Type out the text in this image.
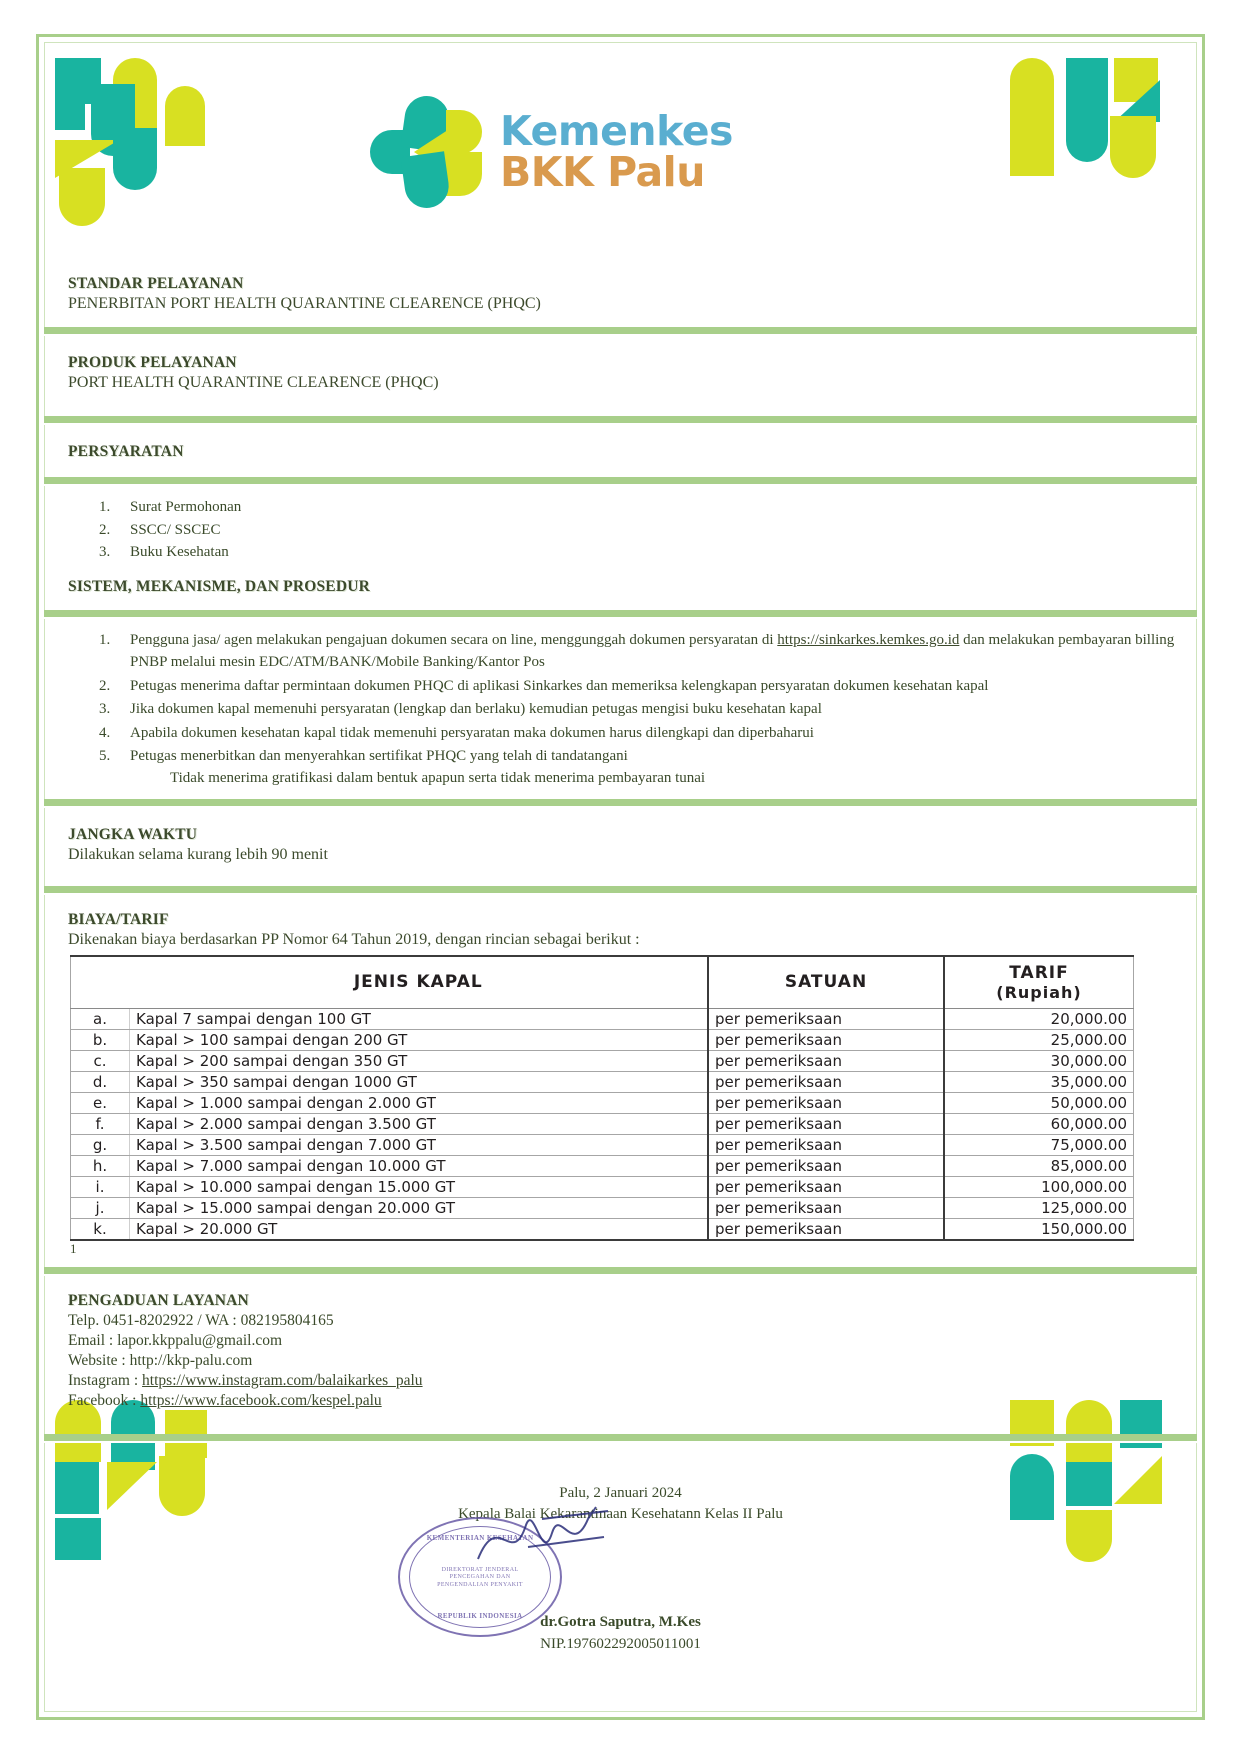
Kemenkes
BKK Palu
STANDAR PELAYANAN

PENERBITAN PORT HEALTH QUARANTINE CLEARENCE (PHQC)

PRODUK PELAYANAN

PORT HEALTH QUARANTINE CLEARENCE (PHQC)

PERSYARATAN
1. Surat Permohonan
2. SSCC/ SSCEC
3. Buku Kesehatan
SISTEM, MEKANISME, DAN PROSEDUR
1. Pengguna jasa/ agen melakukan pengajuan dokumen secara on line, menggunggah dokumen persyaratan di https://sinkarkes.kemkes.go.id dan melakukan pembayaran billing PNBP melalui mesin EDC/ATM/BANK/Mobile Banking/Kantor Pos
2. Petugas menerima daftar permintaan dokumen PHQC di aplikasi Sinkarkes dan memeriksa kelengkapan persyaratan dokumen kesehatan kapal
3. Jika dokumen kapal memenuhi persyaratan (lengkap dan berlaku) kemudian petugas mengisi buku kesehatan kapal
4. Apabila dokumen kesehatan kapal tidak memenuhi persyaratan maka dokumen harus dilengkapi dan diperbaharui
5. Petugas menerbitkan dan menyerahkan sertifikat PHQC yang telah di tandatangani
Tidak menerima gratifikasi dalam bentuk apapun serta tidak menerima pembayaran tunai
JANGKA WAKTU

Dilakukan selama kurang lebih 90 menit

BIAYA/TARIF

Dikenakan biaya berdasarkan PP Nomor 64 Tahun 2019, dengan rincian sebagai berikut :

	JENIS KAPAL	SATUAN	TARIF
(Rupiah)

a.	Kapal 7 sampai dengan 100 GT	per pemeriksaan	20,000.00
b.	Kapal > 100 sampai dengan 200 GT	per pemeriksaan	25,000.00
c.	Kapal > 200 sampai dengan 350 GT	per pemeriksaan	30,000.00
d.	Kapal > 350 sampai dengan 1000 GT	per pemeriksaan	35,000.00
e.	Kapal > 1.000 sampai dengan 2.000 GT	per pemeriksaan	50,000.00
f.	Kapal > 2.000 sampai dengan 3.500 GT	per pemeriksaan	60,000.00
g.	Kapal > 3.500 sampai dengan 7.000 GT	per pemeriksaan	75,000.00
h.	Kapal > 7.000 sampai dengan 10.000 GT	per pemeriksaan	85,000.00
i.	Kapal > 10.000 sampai dengan 15.000 GT	per pemeriksaan	100,000.00
j.	Kapal > 15.000 sampai dengan 20.000 GT	per pemeriksaan	125,000.00
k.	Kapal > 20.000 GT	per pemeriksaan	150,000.00

1

PENGADUAN LAYANAN

Telp. 0451-8202922 / WA : 082195804165

Email : lapor.kkppalu@gmail.com

Website : http://kkp-palu.com

Instagram : https://www.instagram.com/balaikarkes_palu

Facebook : https://www.facebook.com/kespel.palu

Palu, 2 Januari 2024
Kepala Balai Kekarantinaan Kesehatann Kelas II Palu
KEMENTERIAN KESEHATAN
DIREKTORAT JENDERAL
PENCEGAHAN DAN
PENGENDALIAN PENYAKIT
REPUBLIK INDONESIA	dr.Gotra Saputra, M.Kes
NIP.197602292005011001
